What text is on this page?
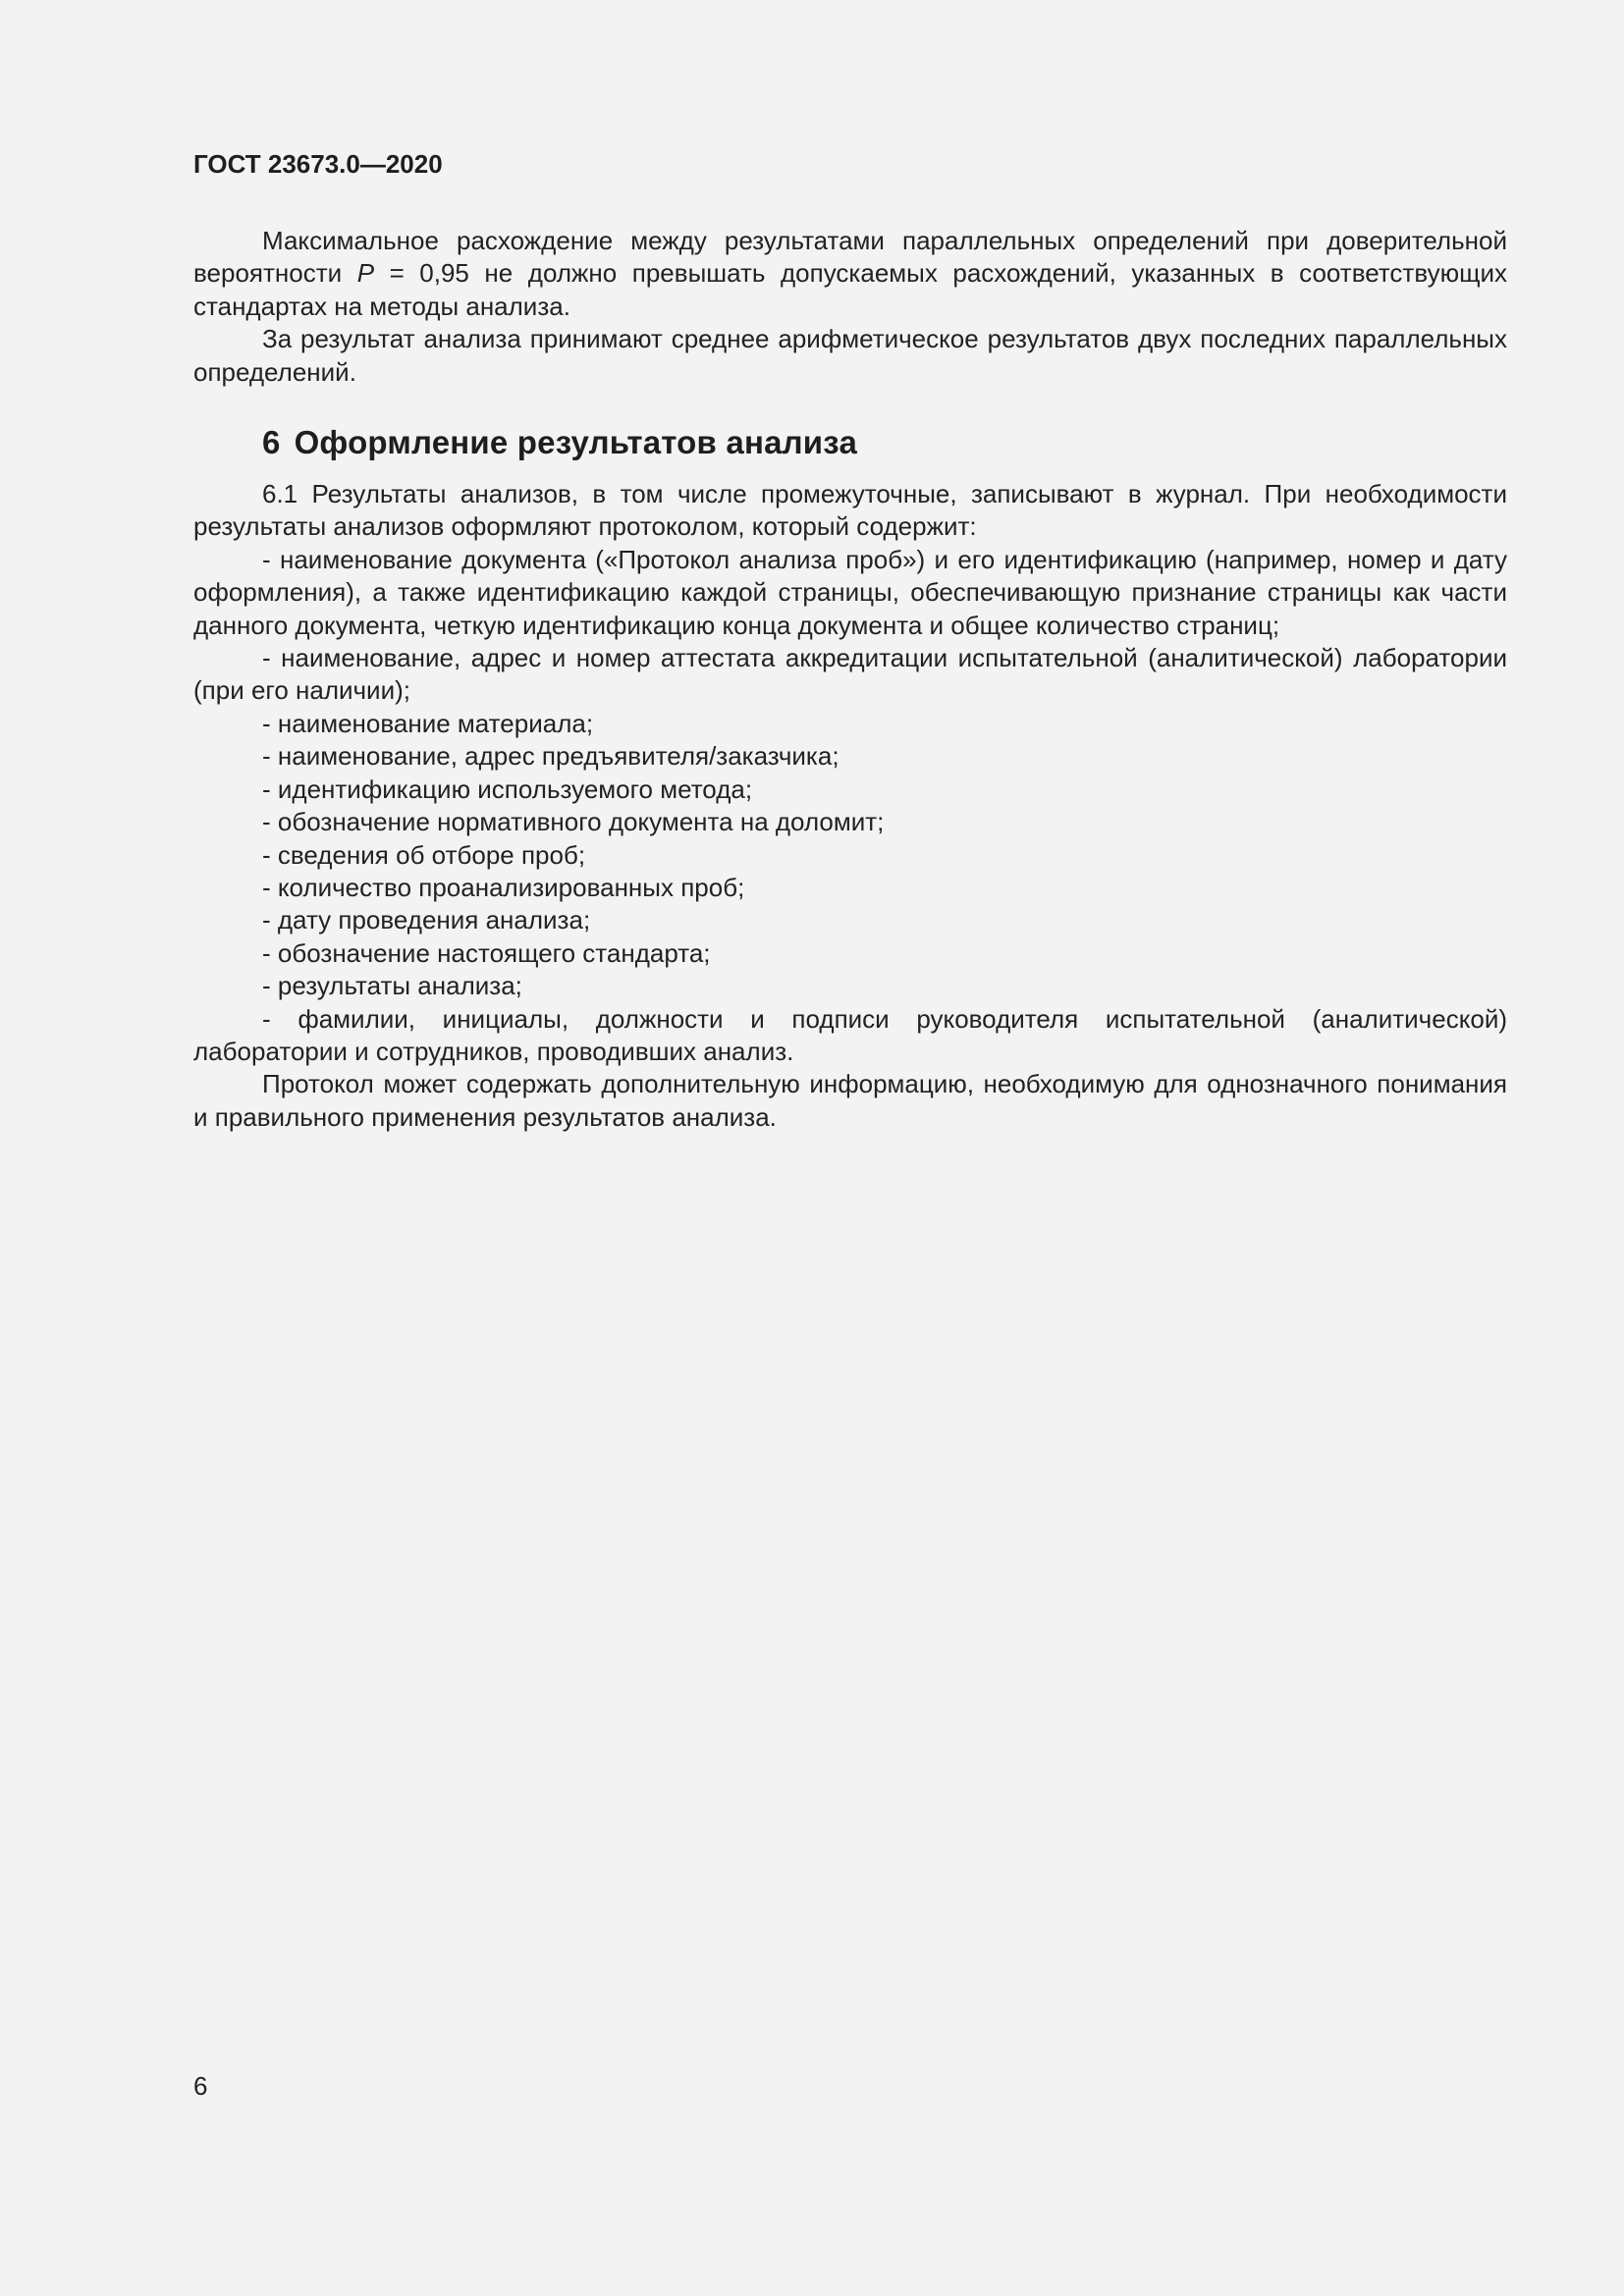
ГОСТ 23673.0—2020

Максимальное расхождение между результатами параллельных определений при доверительной вероятности P = 0,95 не должно превышать допускаемых расхождений, указанных в соответствующих стандартах на методы анализа.

За результат анализа принимают среднее арифметическое результатов двух последних параллельных определений.

6 Оформление результатов анализа

6.1 Результаты анализов, в том числе промежуточные, записывают в журнал. При необходимости результаты анализов оформляют протоколом, который содержит:

- наименование документа («Протокол анализа проб») и его идентификацию (например, номер и дату оформления), а также идентификацию каждой страницы, обеспечивающую признание страницы как части данного документа, четкую идентификацию конца документа и общее количество страниц;

- наименование, адрес и номер аттестата аккредитации испытательной (аналитической) лаборатории (при его наличии);

- наименование материала;

- наименование, адрес предъявителя/заказчика;

- идентификацию используемого метода;

- обозначение нормативного документа на доломит;

- сведения об отборе проб;

- количество проанализированных проб;

- дату проведения анализа;

- обозначение настоящего стандарта;

- результаты анализа;

- фамилии, инициалы, должности и подписи руководителя испытательной (аналитической) лаборатории и сотрудников, проводивших анализ.

Протокол может содержать дополнительную информацию, необходимую для однозначного понимания и правильного применения результатов анализа.

6
